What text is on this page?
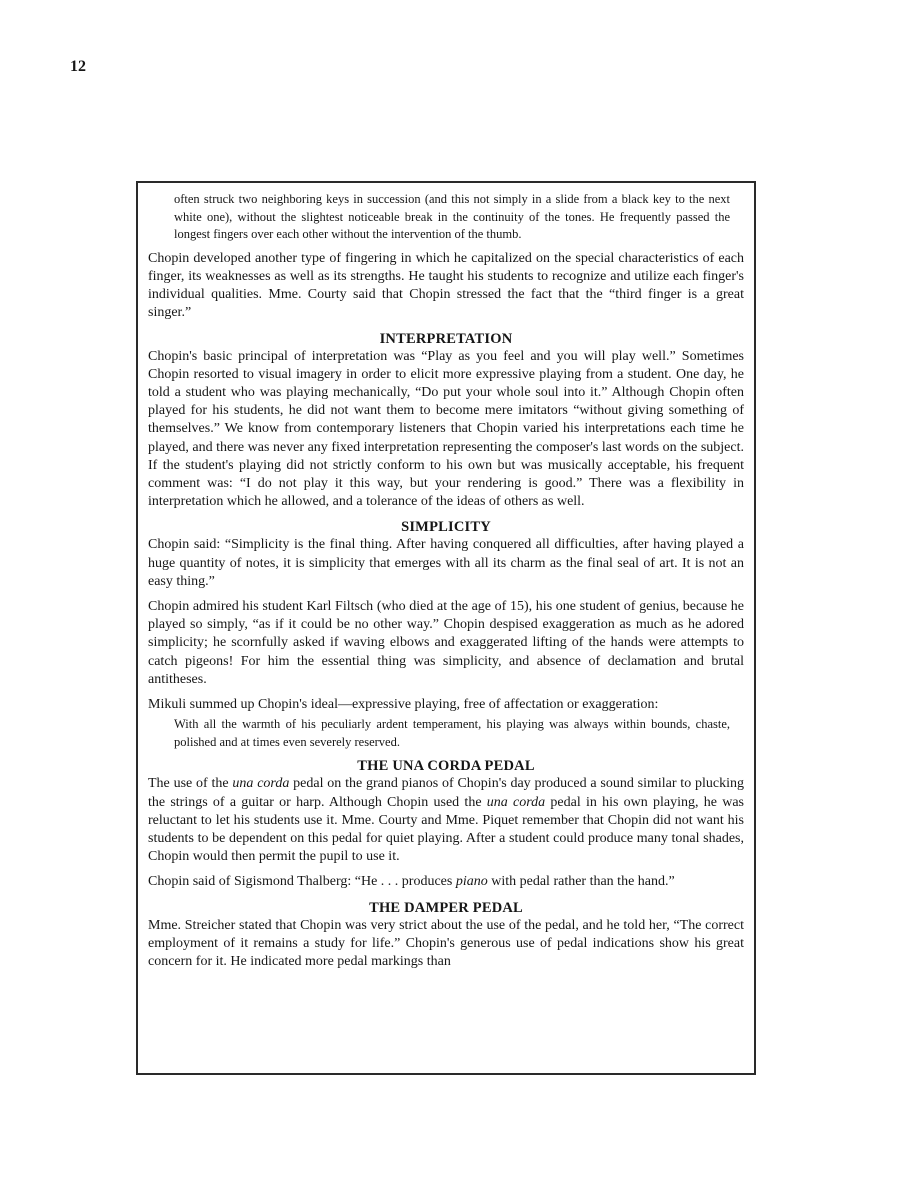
12

often struck two neighboring keys in succession (and this not simply in a slide from a black key to the next white one), without the slightest noticeable break in the continuity of the tones. He frequently passed the longest fingers over each other without the intervention of the thumb.

Chopin developed another type of fingering in which he capitalized on the special characteristics of each finger, its weaknesses as well as its strengths. He taught his students to recognize and utilize each finger's individual qualities. Mme. Courty said that Chopin stressed the fact that the “third finger is a great singer.”

INTERPRETATION

Chopin's basic principal of interpretation was “Play as you feel and you will play well.” Sometimes Chopin resorted to visual imagery in order to elicit more expressive playing from a student. One day, he told a student who was playing mechanically, “Do put your whole soul into it.” Although Chopin often played for his students, he did not want them to become mere imitators “without giving something of themselves.” We know from contemporary listeners that Chopin varied his interpretations each time he played, and there was never any fixed interpretation representing the composer's last words on the subject. If the student's playing did not strictly conform to his own but was musically acceptable, his frequent comment was: “I do not play it this way, but your rendering is good.” There was a flexibility in interpretation which he allowed, and a tolerance of the ideas of others as well.

SIMPLICITY

Chopin said: “Simplicity is the final thing. After having conquered all difficulties, after having played a huge quantity of notes, it is simplicity that emerges with all its charm as the final seal of art. It is not an easy thing.”

Chopin admired his student Karl Filtsch (who died at the age of 15), his one student of genius, because he played so simply, “as if it could be no other way.” Chopin despised exaggeration as much as he adored simplicity; he scornfully asked if waving elbows and exaggerated lifting of the hands were attempts to catch pigeons! For him the essential thing was simplicity, and absence of declamation and brutal antitheses.

Mikuli summed up Chopin's ideal—expressive playing, free of affectation or exaggeration:

With all the warmth of his peculiarly ardent temperament, his playing was always within bounds, chaste, polished and at times even severely reserved.

THE UNA CORDA PEDAL

The use of the una corda pedal on the grand pianos of Chopin's day produced a sound similar to plucking the strings of a guitar or harp. Although Chopin used the una corda pedal in his own playing, he was reluctant to let his students use it. Mme. Courty and Mme. Piquet remember that Chopin did not want his students to be dependent on this pedal for quiet playing. After a student could produce many tonal shades, Chopin would then permit the pupil to use it.

Chopin said of Sigismond Thalberg: “He . . . produces piano with pedal rather than the hand.”

THE DAMPER PEDAL

Mme. Streicher stated that Chopin was very strict about the use of the pedal, and he told her, “The correct employment of it remains a study for life.” Chopin's generous use of pedal indications show his great concern for it. He indicated more pedal markings than
